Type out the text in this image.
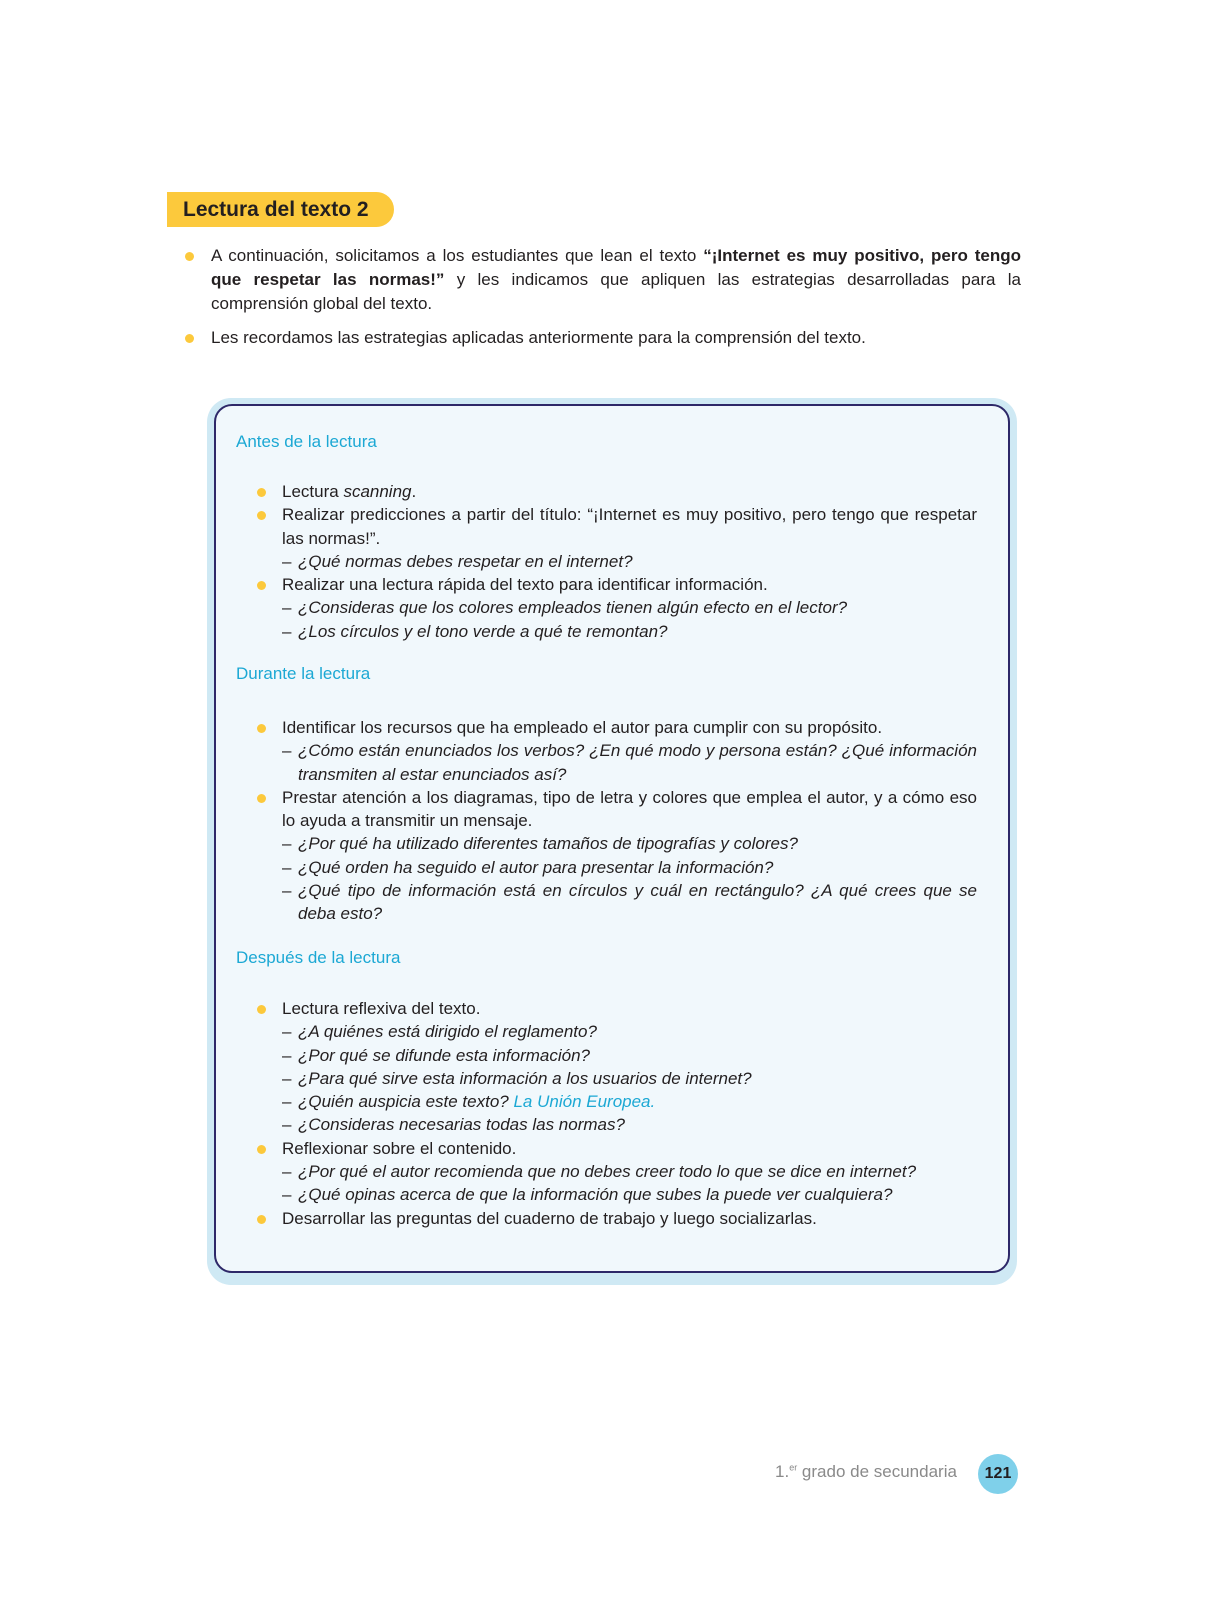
Lectura del texto 2
A continuación, solicitamos a los estudiantes que lean el texto “¡Internet es muy positivo, pero tengo que respetar las normas!” y les indicamos que apliquen las estrategias desarrolladas para la comprensión global del texto.
Les recordamos las estrategias aplicadas anteriormente para la comprensión del texto.
Antes de la lectura
Lectura scanning.
Realizar predicciones a partir del título: “¡Internet es muy positivo, pero tengo que respetar las normas!”.
– ¿Qué normas debes respetar en el internet?
Realizar una lectura rápida del texto para identificar información.
– ¿Consideras que los colores empleados tienen algún efecto en el lector?
– ¿Los círculos y el tono verde a qué te remontan?
Durante la lectura
Identificar los recursos que ha empleado el autor para cumplir con su propósito.
– ¿Cómo están enunciados los verbos? ¿En qué modo y persona están? ¿Qué información transmiten al estar enunciados así?
Prestar atención a los diagramas, tipo de letra y colores que emplea el autor, y a cómo eso lo ayuda a transmitir un mensaje.
– ¿Por qué ha utilizado diferentes tamaños de tipografías y colores?
– ¿Qué orden ha seguido el autor para presentar la información?
– ¿Qué tipo de información está en círculos y cuál en rectángulo? ¿A qué crees que se deba esto?
Después de la lectura
Lectura reflexiva del texto.
– ¿A quiénes está dirigido el reglamento?
– ¿Por qué se difunde esta información?
– ¿Para qué sirve esta información a los usuarios de internet?
– ¿Quién auspicia este texto? La Unión Europea.
– ¿Consideras necesarias todas las normas?
Reflexionar sobre el contenido.
– ¿Por qué el autor recomienda que no debes creer todo lo que se dice en internet?
– ¿Qué opinas acerca de que la información que subes la puede ver cualquiera?
Desarrollar las preguntas del cuaderno de trabajo y luego socializarlas.
1.$^{er}$ grado de secundaria	121
